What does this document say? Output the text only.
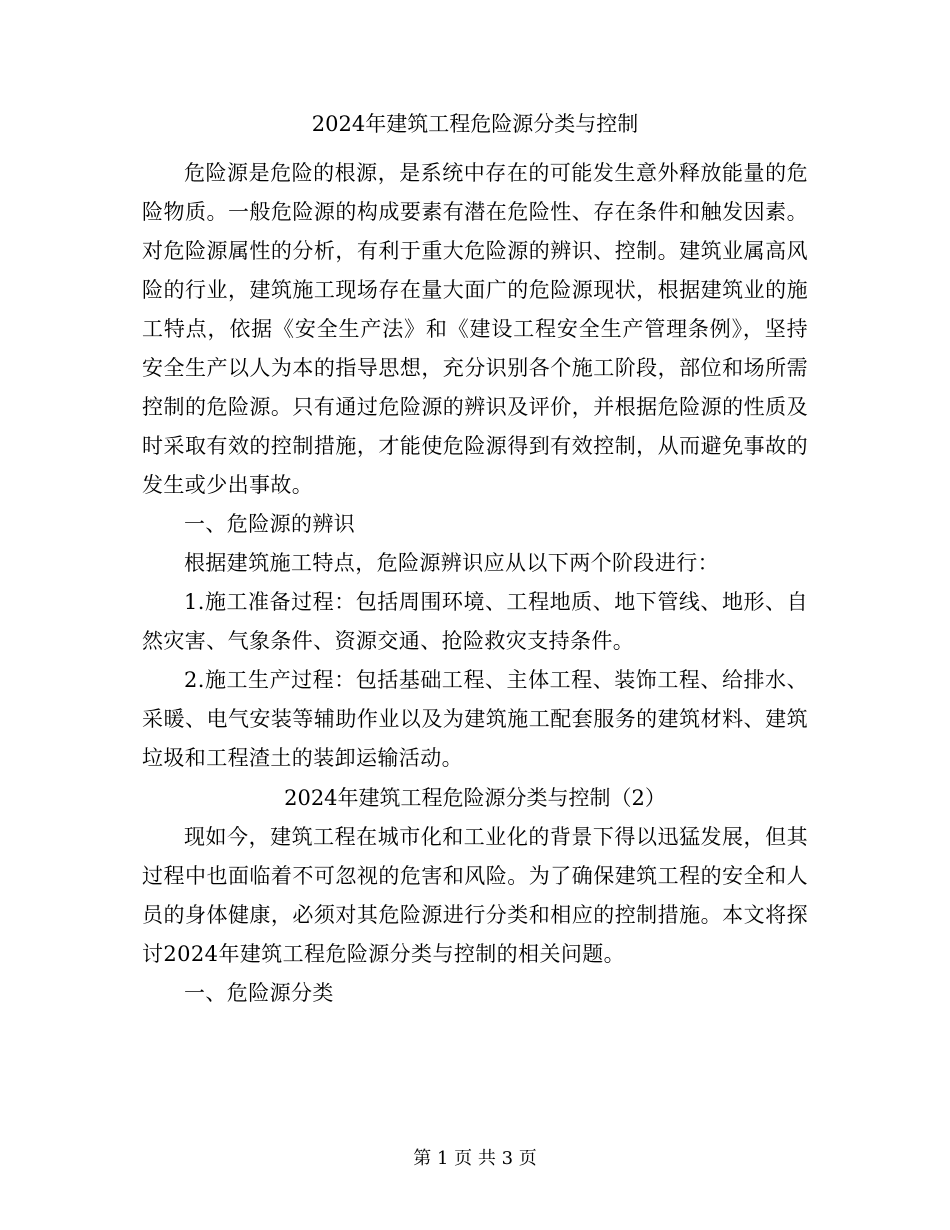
2024年建筑工程危险源分类与控制

危险源是危险的根源，是系统中存在的可能发生意外释放能量的危险物质。一般危险源的构成要素有潜在危险性、存在条件和触发因素。对危险源属性的分析，有利于重大危险源的辨识、控制。建筑业属高风险的行业，建筑施工现场存在量大面广的危险源现状，根据建筑业的施工特点，依据《安全生产法》和《建设工程安全生产管理条例》，坚持安全生产以人为本的指导思想，充分识别各个施工阶段，部位和场所需控制的危险源。只有通过危险源的辨识及评价，并根据危险源的性质及时采取有效的控制措施，才能使危险源得到有效控制，从而避免事故的发生或少出事故。

一、危险源的辨识

根据建筑施工特点，危险源辨识应从以下两个阶段进行：

1.施工准备过程：包括周围环境、工程地质、地下管线、地形、自然灾害、气象条件、资源交通、抢险救灾支持条件。

2.施工生产过程：包括基础工程、主体工程、装饰工程、给排水、采暖、电气安装等辅助作业以及为建筑施工配套服务的建筑材料、建筑垃圾和工程渣土的装卸运输活动。

2024年建筑工程危险源分类与控制（2）

现如今，建筑工程在城市化和工业化的背景下得以迅猛发展，但其过程中也面临着不可忽视的危害和风险。为了确保建筑工程的安全和人员的身体健康，必须对其危险源进行分类和相应的控制措施。本文将探讨2024年建筑工程危险源分类与控制的相关问题。

一、危险源分类

第 1 页 共 3 页
